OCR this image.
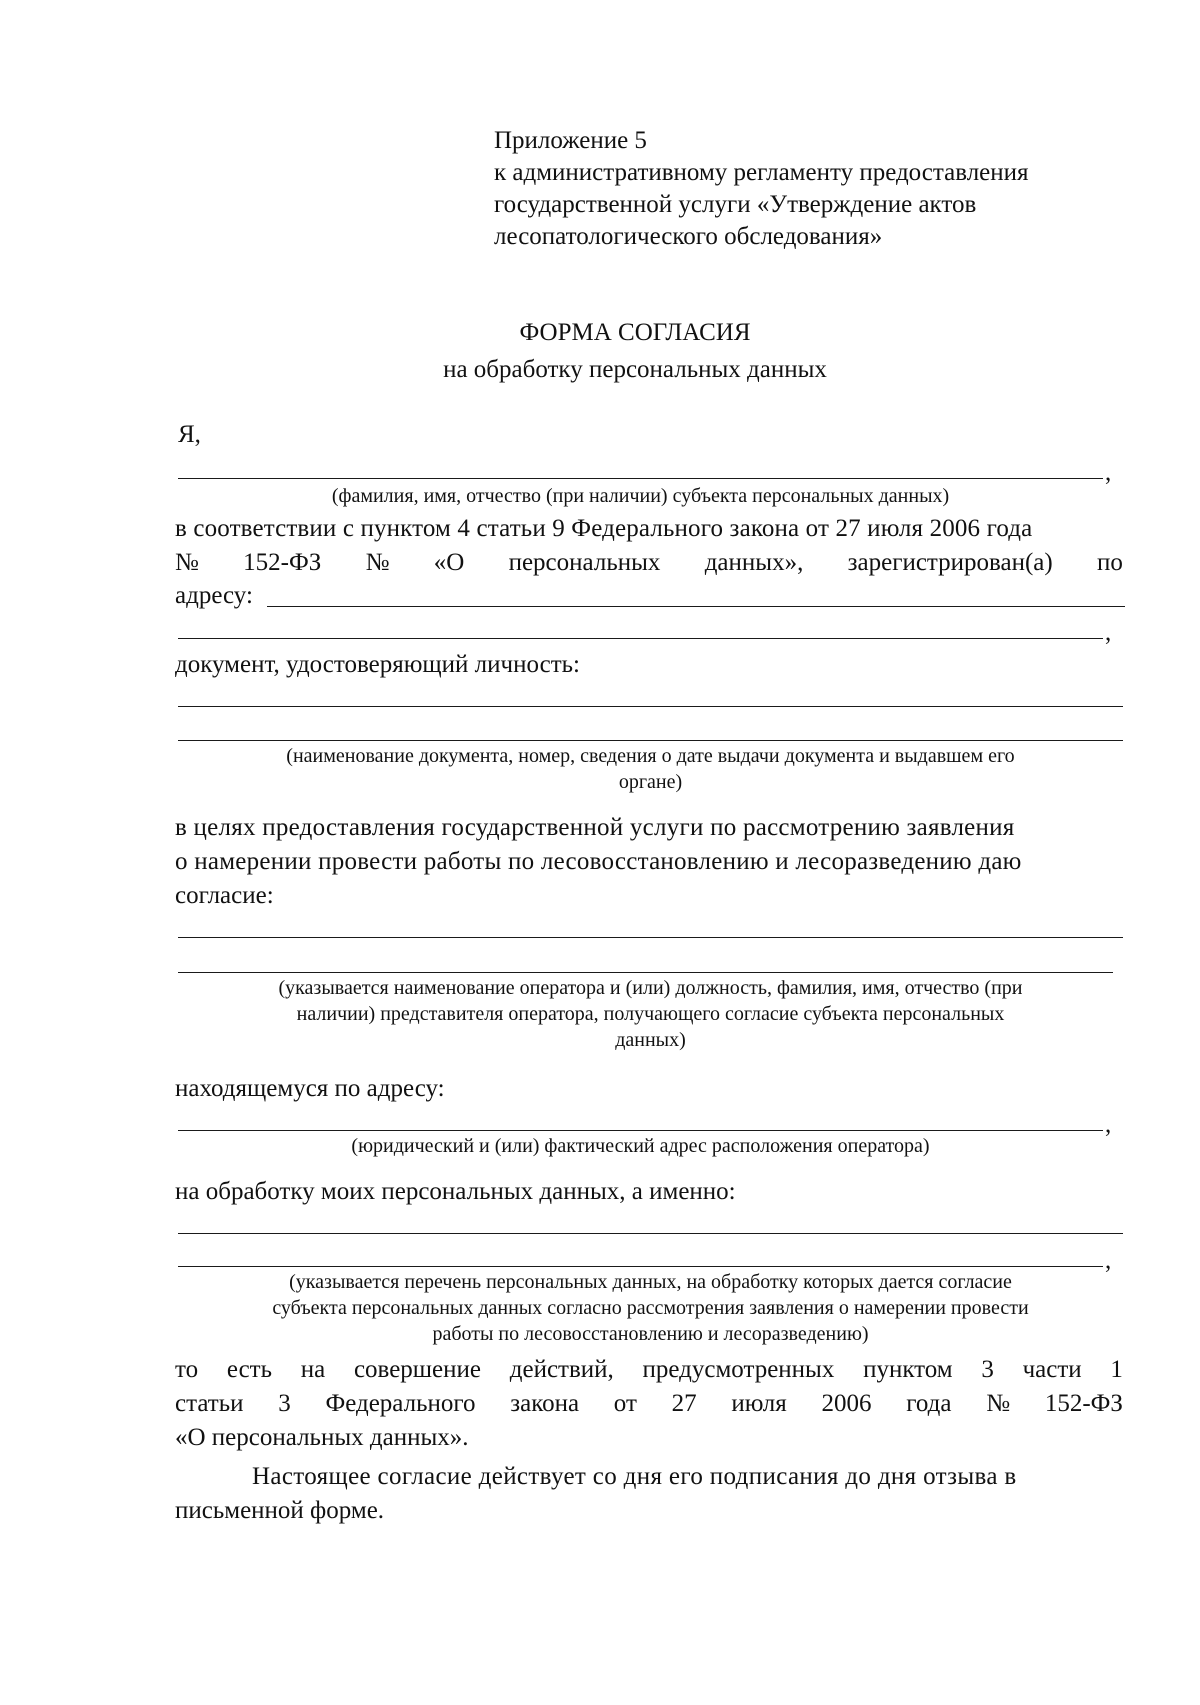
Приложение 5
к административному регламенту предоставления
государственной услуги «Утверждение актов
лесопатологического обследования»
ФОРМА СОГЛАСИЯ
на обработку персональных данных
Я,
,
(фамилия, имя, отчество (при наличии) субъекта персональных данных)
в соответствии с пунктом 4 статьи 9 Федерального закона от 27 июля 2006 года
№ 152-ФЗ № «О персональных данных», зарегистрирован(а) по
адресу:
,
документ, удостоверяющий личность:
(наименование документа, номер, сведения о дате выдачи документа и выдавшем его
органе)
в целях предоставления государственной услуги по рассмотрению заявления
о намерении провести работы по лесовосстановлению и лесоразведению даю
согласие:
(указывается наименование оператора и (или) должность, фамилия, имя, отчество (при
наличии) представителя оператора, получающего согласие субъекта персональных
данных)
находящемуся по адресу:
,
(юридический и (или) фактический адрес расположения оператора)
на обработку моих персональных данных, а именно:
,
(указывается перечень персональных данных, на обработку которых дается согласие
субъекта персональных данных согласно рассмотрения заявления о намерении провести
работы по лесовосстановлению и лесоразведению)
то есть на совершение действий, предусмотренных пунктом 3 части 1
статьи 3 Федерального закона от 27 июля 2006 года № 152-ФЗ
«О персональных данных».
Настоящее согласие действует со дня его подписания до дня отзыва в
письменной форме.
